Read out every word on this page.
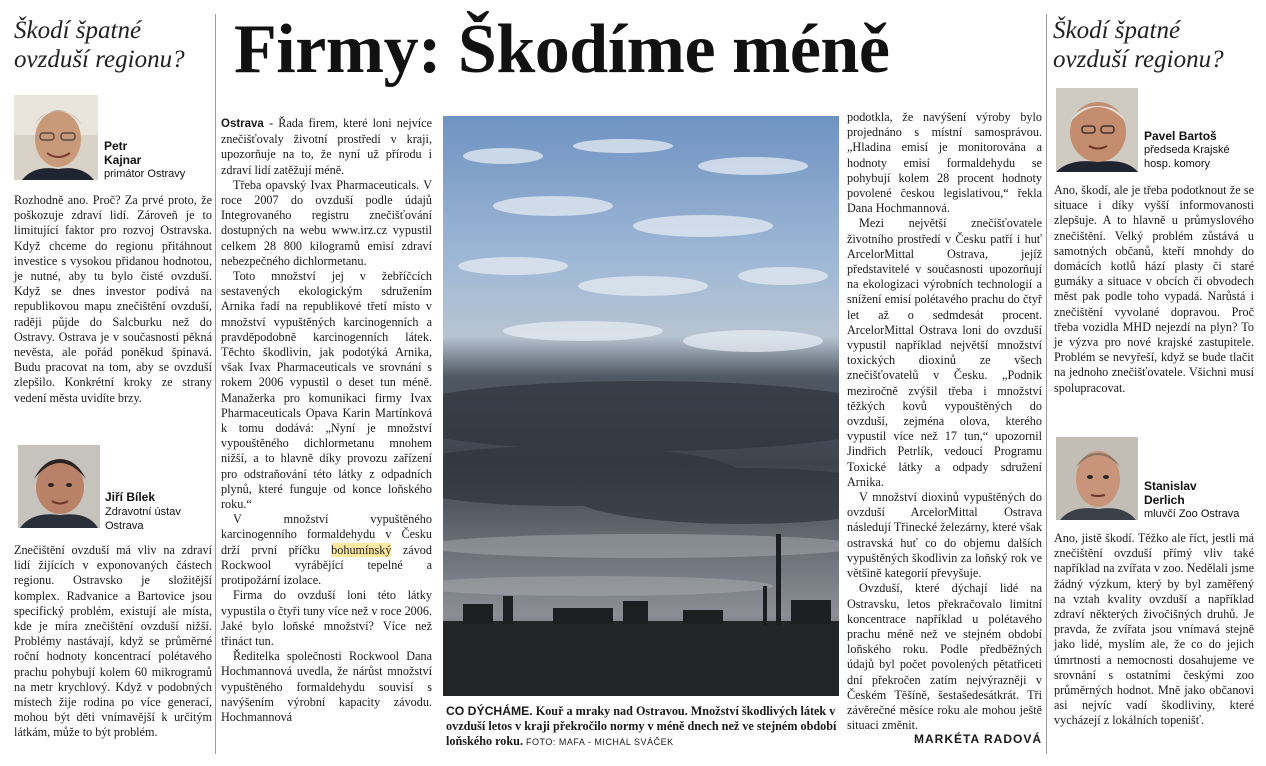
Škodí špatné ovzduší regionu?
Petr Kajnar
primátor Ostravy

Rozhodně ano. Proč? Za prvé proto, že poškozuje zdraví lidí. Zároveň je to limitující faktor pro rozvoj Ostravska. Když chceme do regionu přitáhnout investice s vysokou přidanou hodnotou, je nutné, aby tu bylo čisté ovzduší. Když se dnes investor podívá na republikovou mapu znečištění ovzduší, raději půjde do Salcburku než do Ostravy. Ostrava je v současnosti pěkná nevěsta, ale pořád poněkud špinavá. Budu pracovat na tom, aby se ovzduší zlepšilo. Konkrétní kroky ze strany vedení města uvidíte brzy.

Jiří Bílek
Zdravotní ústav Ostrava

Znečištění ovzduší má vliv na zdraví lidí žijících v exponovaných částech regionu. Ostravsko je složitější komplex. Radvanice a Bartovice jsou specifický problém, existují ale místa, kde je míra znečištění ovzduší nižší. Problémy nastávají, když se průměrné roční hodnoty koncentrací polétavého prachu pohybují kolem 60 mikrogramů na metr krychlový. Když v podobných místech žije rodina po více generací, mohou být děti vnímavější k určitým látkám, může to být problém.

Firmy: Škodíme méně

Ostrava - Řada firem, které loni nejvíce znečišťovaly životní prostředí v kraji, upozorňuje na to, že nyní už přírodu i zdraví lidí zatěžují méně.

Třeba opavský Ivax Pharmaceuticals. V roce 2007 do ovzduší podle údajů Integrovaného registru znečišťování dostupných na webu www.irz.cz vypustil celkem 28 800 kilogramů emisí zdraví nebezpečného dichlormetanu.

Toto množství jej v žebříčcích sestavených ekologickým sdružením Arnika řadí na republikové třetí místo v množství vypuštěných karcinogenních a pravděpodobně karcinogenních látek. Těchto škodlivin, jak podotýká Arnika, však Ivax Pharmaceuticals ve srovnání s rokem 2006 vypustil o deset tun méně. Manažerka pro komunikaci firmy Ivax Pharmaceuticals Opava Karin Martínková k tomu dodává: „Nyní je množství vypouštěného dichlormetanu mnohem nižší, a to hlavně díky provozu zařízení pro odstraňování této látky z odpadních plynů, které funguje od konce loňského roku.“

V množství vypuštěného karcinogenního formaldehydu v Česku drží první příčku bohumínský závod Rockwool vyrábějící tepelné a protipožární izolace.

Firma do ovzduší loni této látky vypustila o čtyři tuny více než v roce 2006. Jaké bylo loňské množství? Více než třináct tun.

Ředitelka společnosti Rockwool Dana Hochmannová uvedla, že nárůst množství vypuštěného formaldehydu souvisí s navýšením výrobní kapacity závodu. Hochmannová	CO DÝCHÁME. Kouř a mraky nad Ostravou. Množství škodlivých látek v ovzduší letos v kraji překročilo normy v méně dnech než ve stejném období loňského roku. FOTO: MAFA - MICHAL SVÁČEK

podotkla, že navýšení výroby bylo projednáno s místní samosprávou. „Hladina emisí je monitorována a hodnoty emisí formaldehydu se pohybují kolem 28 procent hodnoty povolené českou legislativou,“ řekla Dana Hochmannová.

Mezi největší znečišťovatele životního prostředí v Česku patří i huť ArcelorMittal Ostrava, jejíž představitelé v současnosti upozorňují na ekologizaci výrobních technologií a snížení emisí polétavého prachu do čtyř let až o sedmdesát procent. ArcelorMittal Ostrava loni do ovzduší vypustil například největší množství toxických dioxinů ze všech znečišťovatelů v Česku. „Podnik meziročně zvýšil třeba i množství těžkých kovů vypouštěných do ovzduší, zejména olova, kterého vypustil více než 17 tun,“ upozornil Jindřich Petrlík, vedoucí Programu Toxické látky a odpady sdružení Arnika.

V množství dioxinů vypuštěných do ovzduší ArcelorMittal Ostrava následují Třinecké železárny, které však ostravská huť co do objemu dalších vypuštěných škodlivin za loňský rok ve většině kategorií převyšuje.

Ovzduší, které dýchají lidé na Ostravsku, letos překračovalo limitní koncentrace například u polétavého prachu méně než ve stejném období loňského roku. Podle předběžných údajů byl počet povolených pětatřiceti dní překročen zatím nejvýrazněji v Českém Těšíně, šestašedesátkrát. Tři závěrečné měsíce roku ale mohou ještě situaci změnit.

MARKÉTA RADOVÁ
Škodí špatné ovzduší regionu?
Pavel Bartoš
předseda Krajské hosp. komory

Ano, škodí, ale je třeba podotknout že se situace i díky vyšší informovanosti zlepšuje. A to hlavně u průmyslového znečištění. Velký problém zůstává u samotných občanů, kteří mnohdy do domácích kotlů hází plasty či staré gumáky a situace v obcích či obvodech měst pak podle toho vypadá. Narůstá i znečištění vyvolané dopravou. Proč třeba vozidla MHD nejezdí na plyn? To je výzva pro nové krajské zastupitele. Problém se nevyřeší, když se bude tlačit na jednoho znečišťovatele. Všichni musí spolupracovat.

Stanislav Derlich
mluvčí Zoo Ostrava

Ano, jistě škodí. Těžko ale říct, jestli má znečištění ovzduší přímý vliv také například na zvířata v zoo. Nedělali jsme žádný výzkum, který by byl zaměřený na vztah kvality ovzduší a například zdraví některých živočišných druhů. Je pravda, že zvířata jsou vnímavá stejně jako lidé, myslím ale, že co do jejich úmrtnosti a nemocnosti dosahujeme ve srovnání s ostatními českými zoo průměrných hodnot. Mně jako občanovi asi nejvíc vadí škodliviny, které vycházejí z lokálních topenišť.
